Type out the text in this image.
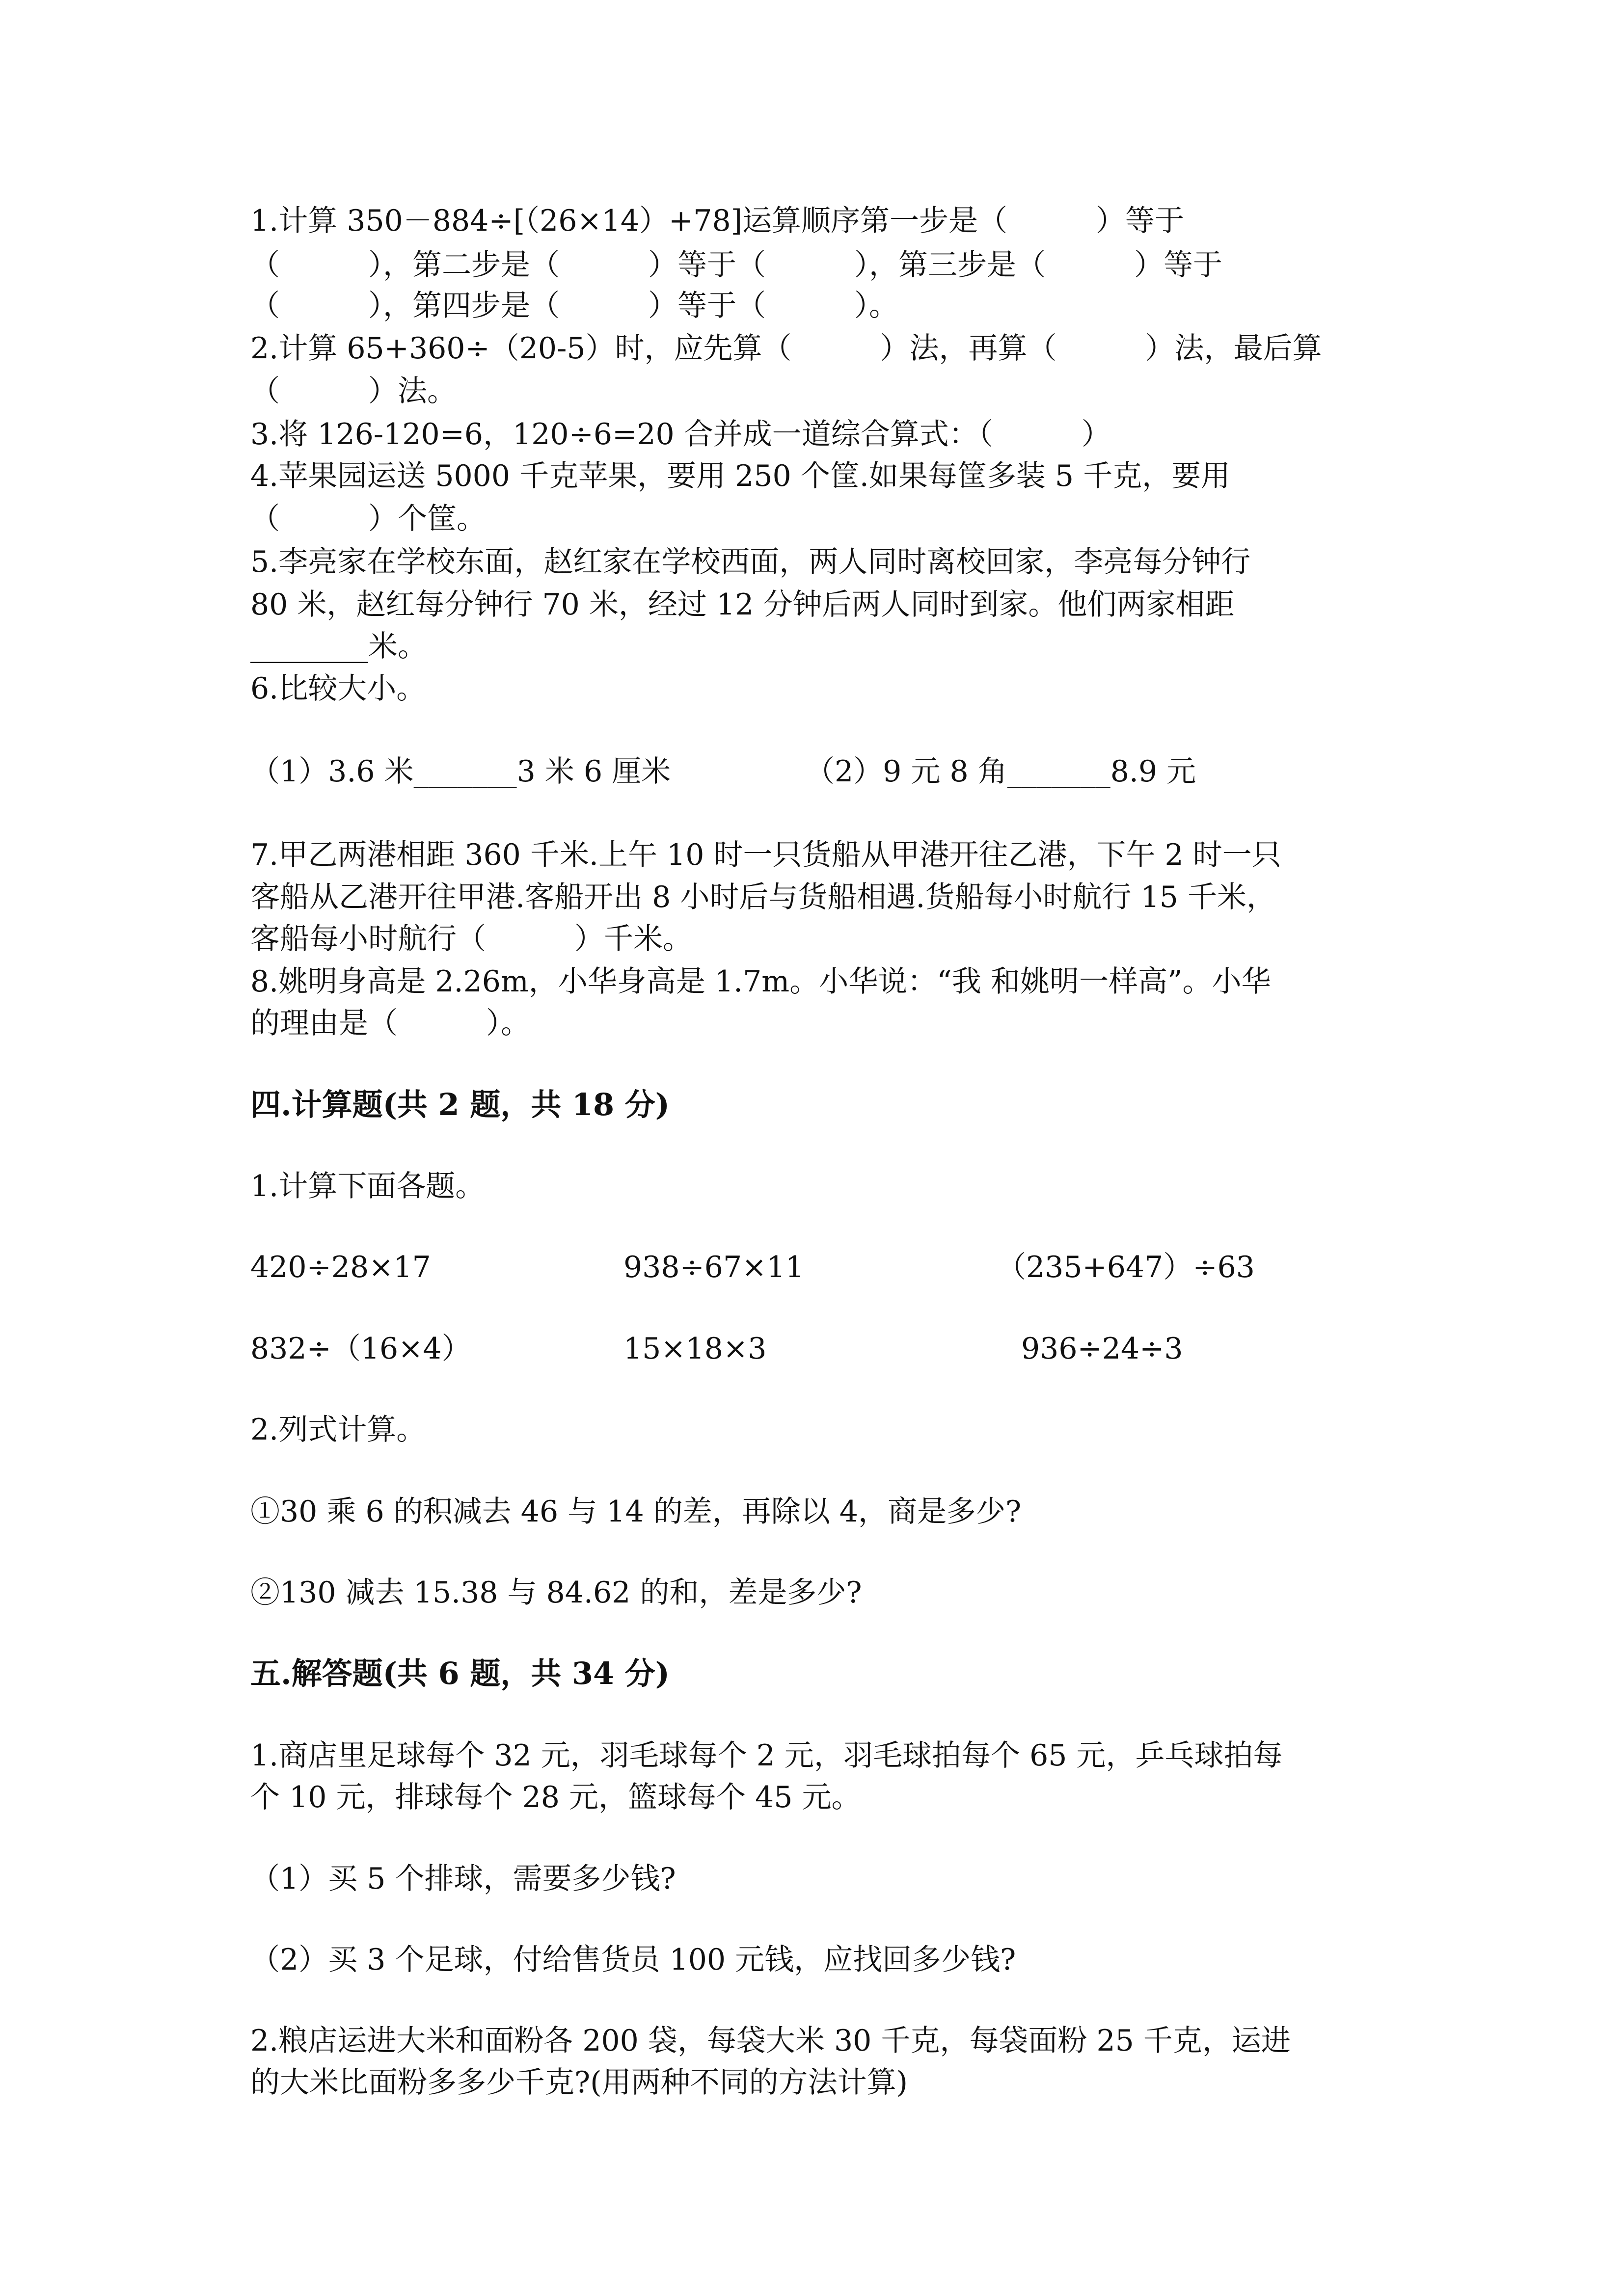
1.计算 350－884÷[（26×14）+78]运算顺序第一步是（　　　）等于

（　　　），第二步是（　　　）等于（　　　），第三步是（　　　）等于

（　　　），第四步是（　　　）等于（　　　）。

2.计算 65+360÷（20-5）时，应先算（　　　）法，再算（　　　）法，最后算

（　　　）法。

3.将 126-120=6，120÷6=20 合并成一道综合算式：（　　　）

4.苹果园运送 5000 千克苹果，要用 250 个筐.如果每筐多装 5 千克，要用

（　　　）个筐。

5.李亮家在学校东面，赵红家在学校西面，两人同时离校回家，李亮每分钟行

80 米，赵红每分钟行 70 米，经过 12 分钟后两人同时到家。他们两家相距

________米。

6.比较大小。

（1）3.6 米_______3 米 6 厘米	（2）9 元 8 角_______8.9 元

7.甲乙两港相距 360 千米.上午 10 时一只货船从甲港开往乙港，下午 2 时一只

客船从乙港开往甲港.客船开出 8 小时后与货船相遇.货船每小时航行 15 千米，

客船每小时航行（　　　）千米。

8.姚明身高是 2.26m，小华身高是 1.7m。小华说：“我 和姚明一样高”。小华

的理由是（　　　）。

四.计算题(共 2 题，共 18 分)

1.计算下面各题。

420÷28×17	938÷67×11	（235+647）÷63

832÷（16×4）	15×18×3	936÷24÷3

2.列式计算。

①30 乘 6 的积减去 46 与 14 的差，再除以 4，商是多少?

②130 减去 15.38 与 84.62 的和，差是多少?

五.解答题(共 6 题，共 34 分)

1.商店里足球每个 32 元，羽毛球每个 2 元，羽毛球拍每个 65 元，乒乓球拍每

个 10 元，排球每个 28 元，篮球每个 45 元。

（1）买 5 个排球，需要多少钱?

（2）买 3 个足球，付给售货员 100 元钱，应找回多少钱?

2.粮店运进大米和面粉各 200 袋，每袋大米 30 千克，每袋面粉 25 千克，运进

的大米比面粉多多少千克?(用两种不同的方法计算)
